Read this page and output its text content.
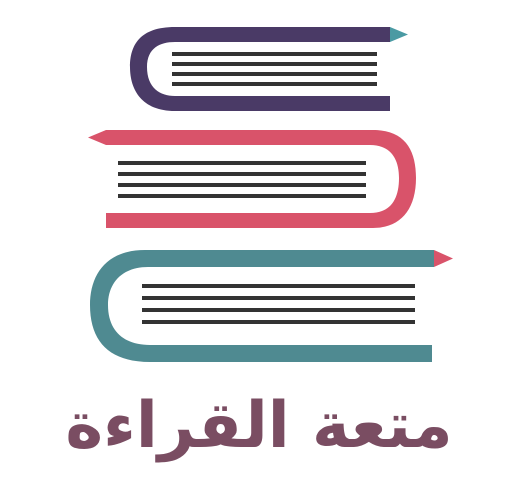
متعة القراءة
